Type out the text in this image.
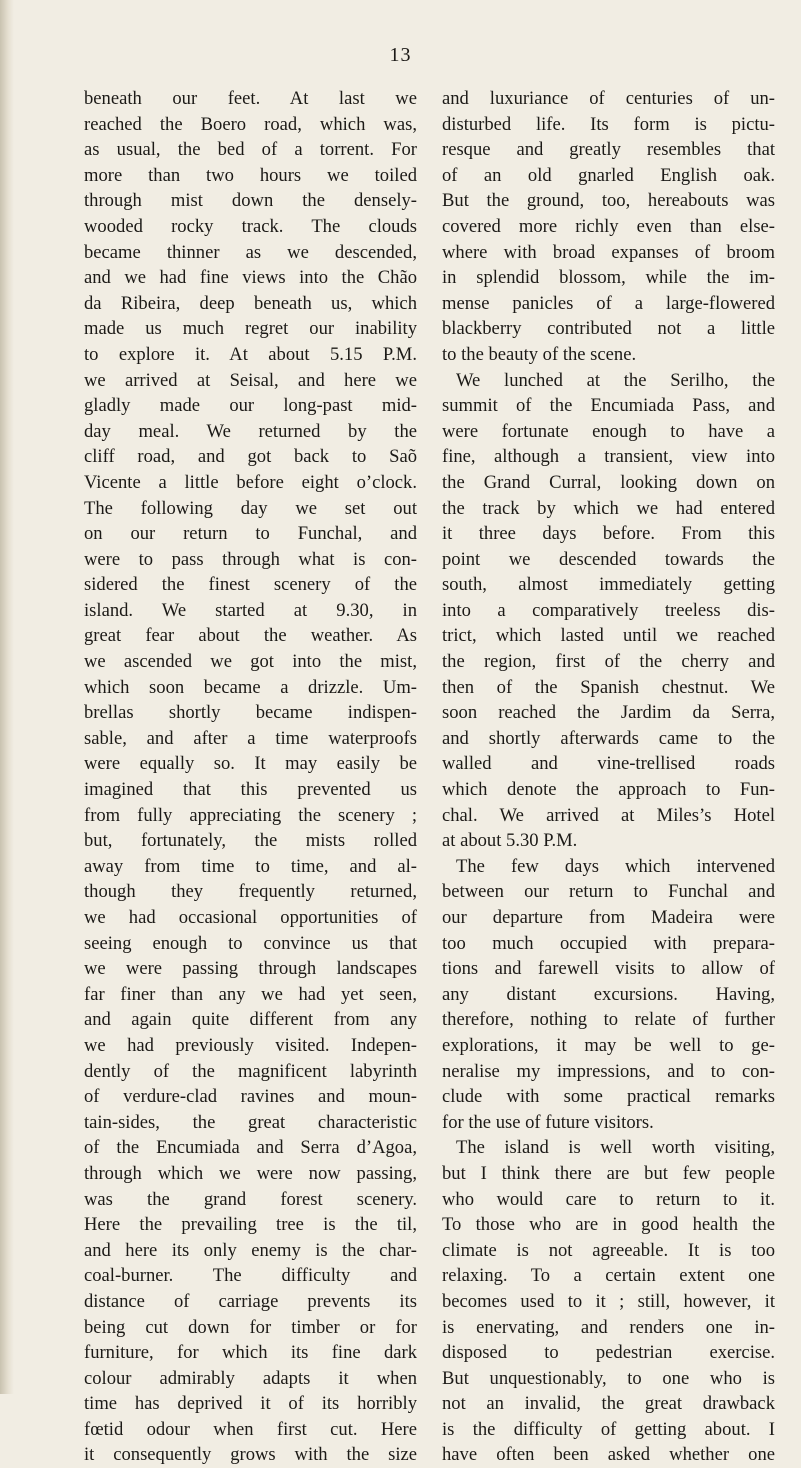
13
beneath our feet. At last we
reached the Boero road, which was,
as usual, the bed of a torrent. For
more than two hours we toiled
through mist down the densely-
wooded rocky track. The clouds
became thinner as we descended,
and we had fine views into the Chão
da Ribeira, deep beneath us, which
made us much regret our inability
to explore it. At about 5.15 P.M.
we arrived at Seisal, and here we
gladly made our long-past mid-
day meal. We returned by the
cliff road, and got back to Saõ
Vicente a little before eight o’clock.
The following day we set out
on our return to Funchal, and
were to pass through what is con-
sidered the finest scenery of the
island. We started at 9.30, in
great fear about the weather. As
we ascended we got into the mist,
which soon became a drizzle. Um-
brellas shortly became indispen-
sable, and after a time waterproofs
were equally so. It may easily be
imagined that this prevented us
from fully appreciating the scenery ;
but, fortunately, the mists rolled
away from time to time, and al-
though they frequently returned,
we had occasional opportunities of
seeing enough to convince us that
we were passing through landscapes
far finer than any we had yet seen,
and again quite different from any
we had previously visited. Indepen-
dently of the magnificent labyrinth
of verdure-clad ravines and moun-
tain-sides, the great characteristic
of the Encumiada and Serra d’Agoa,
through which we were now passing,
was the grand forest scenery.
Here the prevailing tree is the til,
and here its only enemy is the char-
coal-burner. The difficulty and
distance of carriage prevents its
being cut down for timber or for
furniture, for which its fine dark
colour admirably adapts it when
time has deprived it of its horribly
fœtid odour when first cut. Here
it consequently grows with the size
and luxuriance of centuries of un-
disturbed life. Its form is pictu-
resque and greatly resembles that
of an old gnarled English oak.
But the ground, too, hereabouts was
covered more richly even than else-
where with broad expanses of broom
in splendid blossom, while the im-
mense panicles of a large-flowered
blackberry contributed not a little
to the beauty of the scene.
We lunched at the Serilho, the
summit of the Encumiada Pass, and
were fortunate enough to have a
fine, although a transient, view into
the Grand Curral, looking down on
the track by which we had entered
it three days before. From this
point we descended towards the
south, almost immediately getting
into a comparatively treeless dis-
trict, which lasted until we reached
the region, first of the cherry and
then of the Spanish chestnut. We
soon reached the Jardim da Serra,
and shortly afterwards came to the
walled and vine-trellised roads
which denote the approach to Fun-
chal. We arrived at Miles’s Hotel
at about 5.30 P.M.
The few days which intervened
between our return to Funchal and
our departure from Madeira were
too much occupied with prepara-
tions and farewell visits to allow of
any distant excursions. Having,
therefore, nothing to relate of further
explorations, it may be well to ge-
neralise my impressions, and to con-
clude with some practical remarks
for the use of future visitors.
The island is well worth visiting,
but I think there are but few people
who would care to return to it.
To those who are in good health the
climate is not agreeable. It is too
relaxing. To a certain extent one
becomes used to it ; still, however, it
is enervating, and renders one in-
disposed to pedestrian exercise.
But unquestionably, to one who is
not an invalid, the great drawback
is the difficulty of getting about. I
have often been asked whether one
